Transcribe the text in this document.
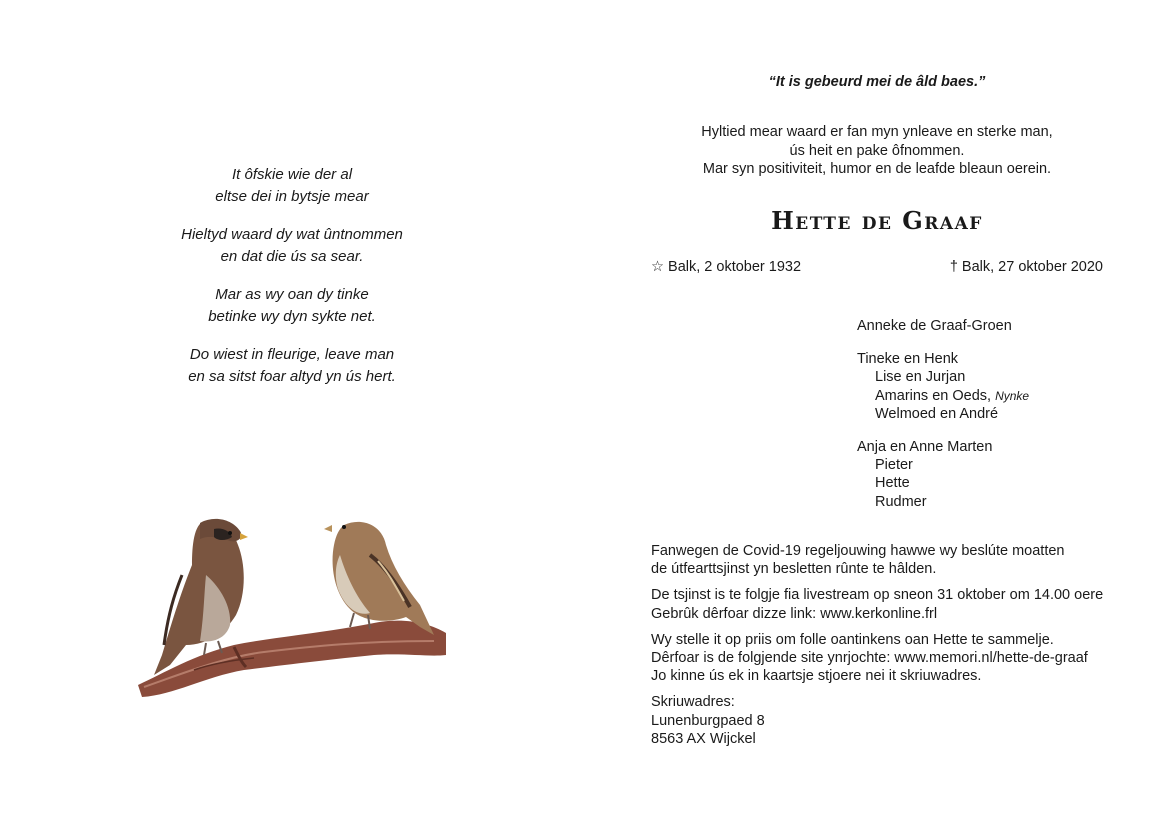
It ôfskie wie der al
eltse dei in bytsje mear
Hieltyd waard dy wat ûntnommen
en dat die ús sa sear.
Mar as wy oan dy tinke
betinke wy dyn sykte net.
Do wiest in fleurige, leave man
en sa sitst foar altyd yn ús hert.
“It is gebeurd mei de âld baes.”
Hyltied mear waard er fan myn ynleave en sterke man,
ús heit en pake ôfnommen.
Mar syn positiviteit, humor en de leafde bleaun oerein.
Hette de Graaf
☆ Balk, 2 oktober 1932	† Balk, 27 oktober 2020
Anneke de Graaf-Groen
Tineke en Henk
Lise en Jurjan
Amarins en Oeds, Nynke
Welmoed en André
Anja en Anne Marten
Pieter
Hette
Rudmer
Fanwegen de Covid-19 regeljouwing hawwe wy beslúte moatten
de útfearttsjinst yn besletten rûnte te hâlden.
De tsjinst is te folgje fia livestream op sneon 31 oktober om 14.00 oere
Gebrûk dêrfoar dizze link: www.kerkonline.frl
Wy stelle it op priis om folle oantinkens oan Hette te sammelje.
Dêrfoar is de folgjende site ynrjochte: www.memori.nl/hette-de-graaf
Jo kinne ús ek in kaartsje stjoere nei it skriuwadres.
Skriuwadres:
Lunenburgpaed 8
8563 AX Wijckel
